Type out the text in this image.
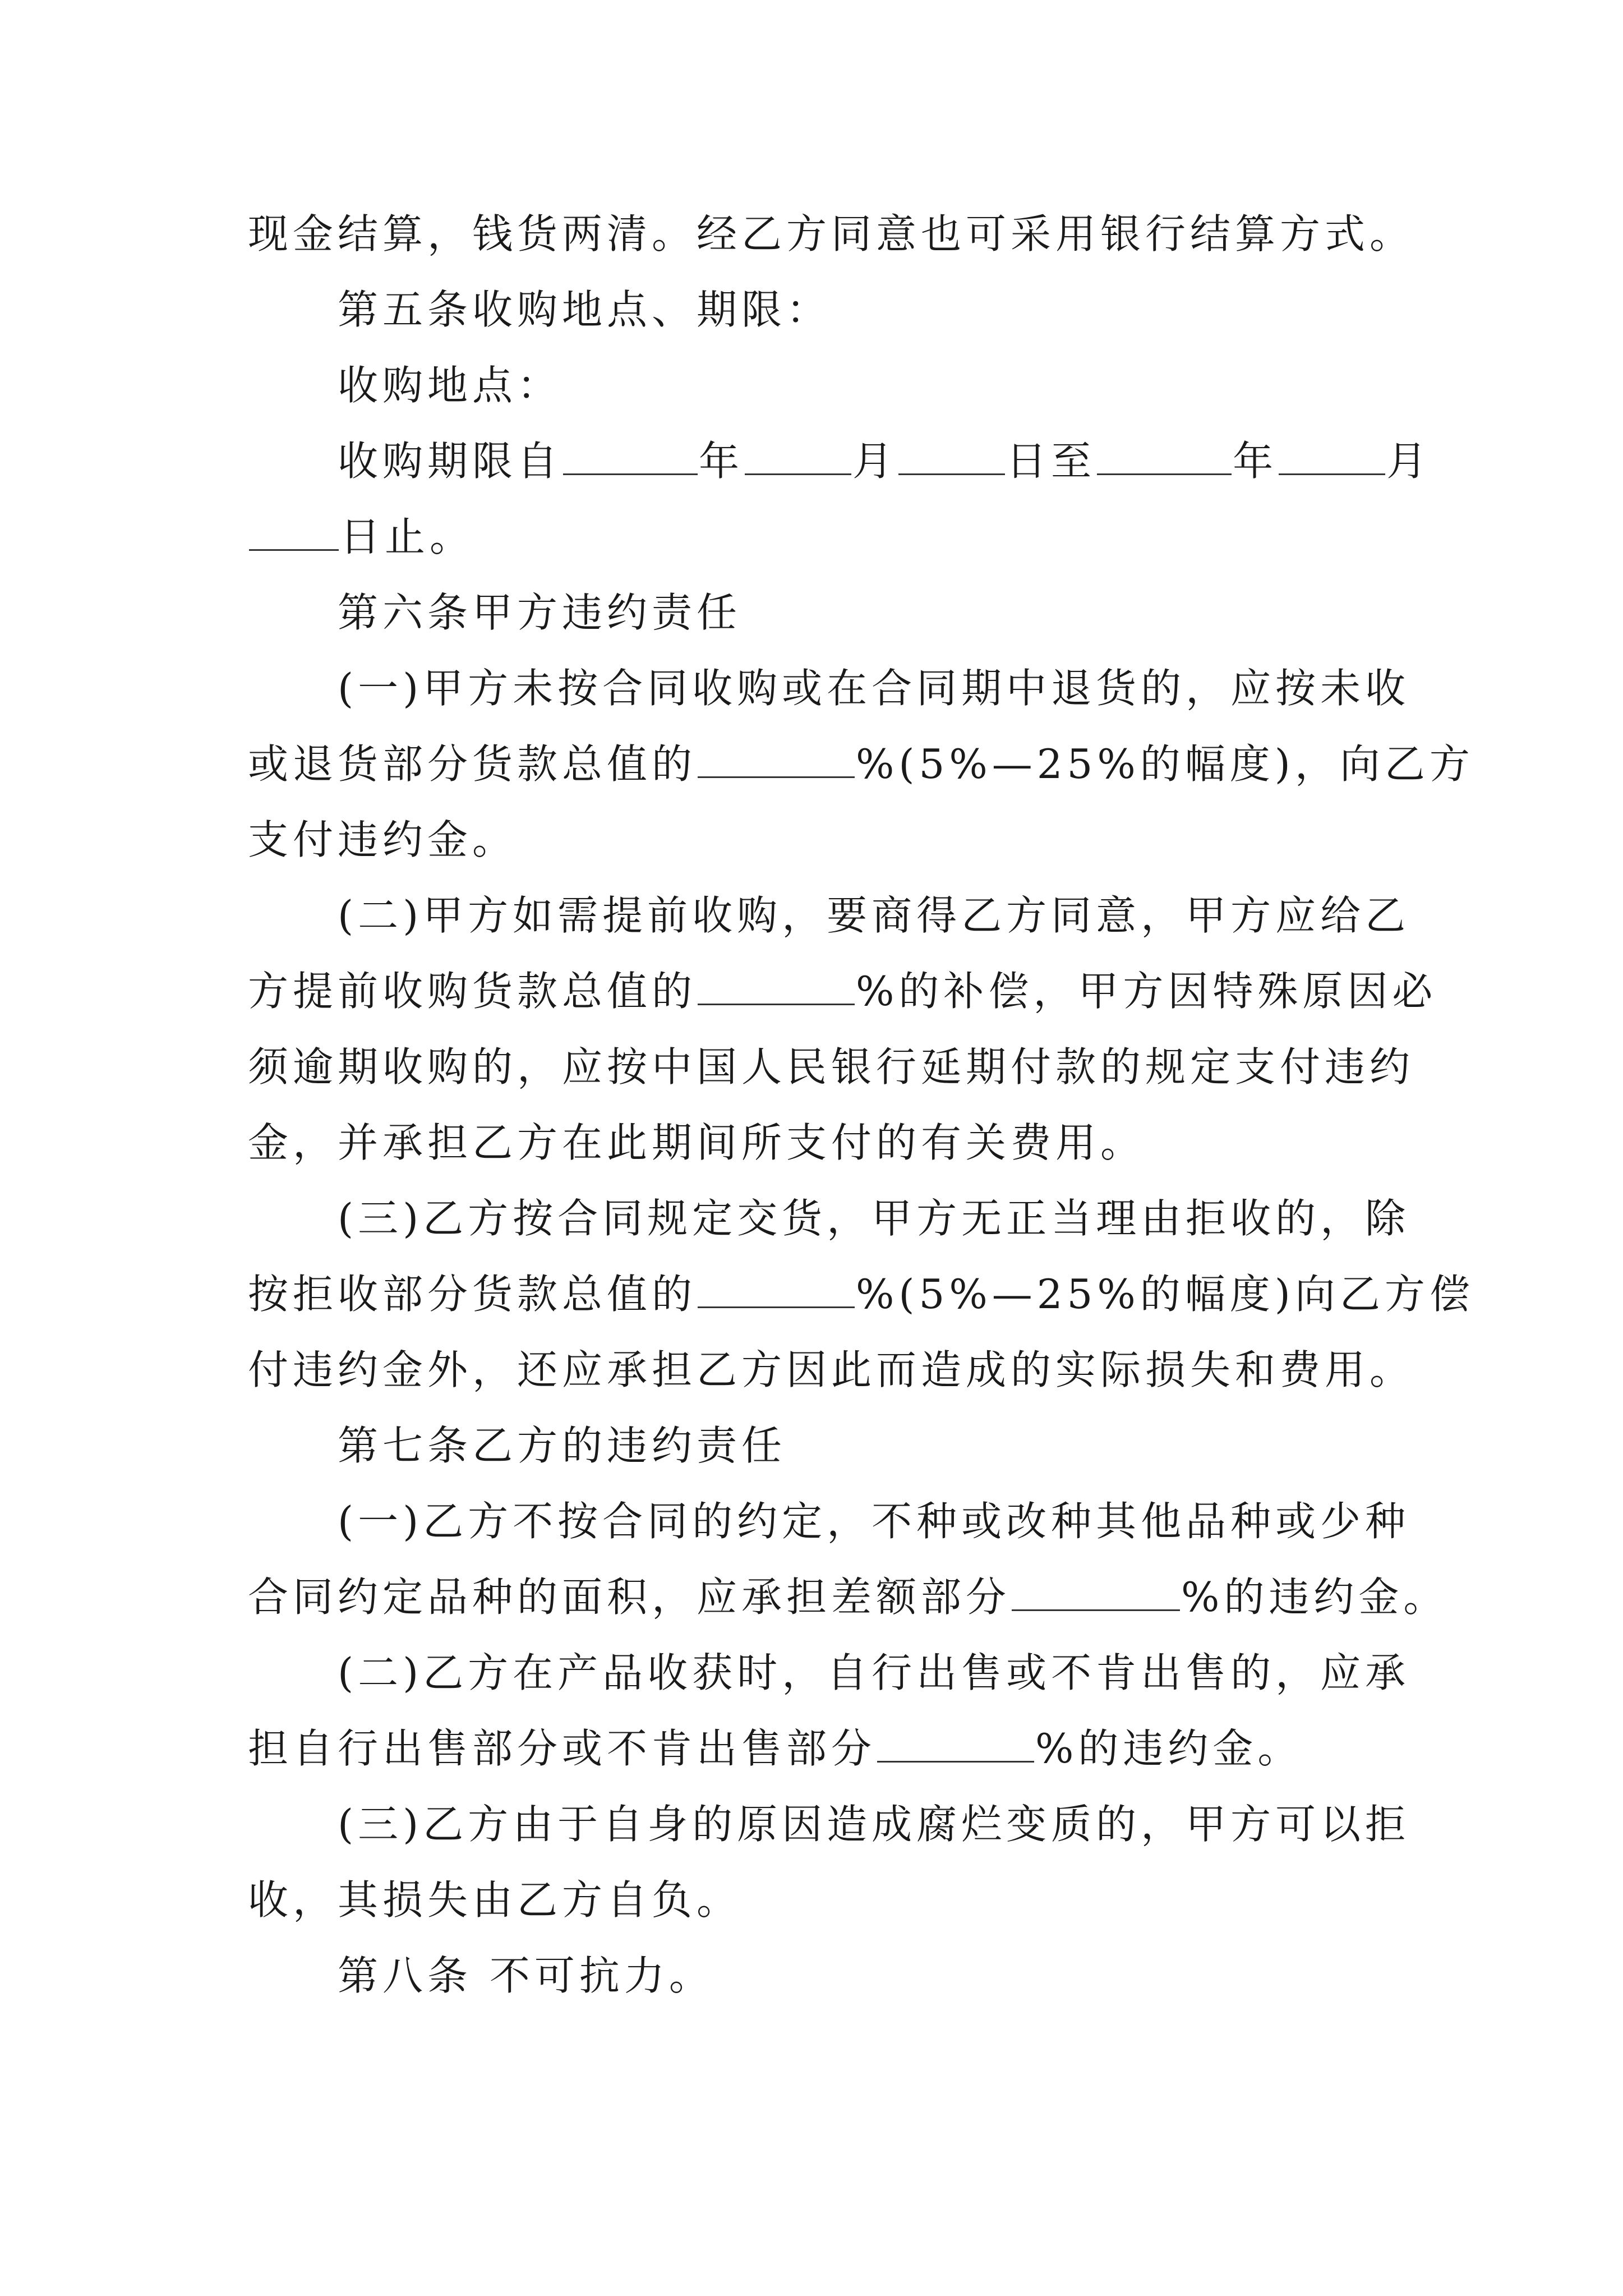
现金结算，钱货两清。经乙方同意也可采用银行结算方式。
第五条收购地点、期限：
收购地点：
收购期限自	年	月	日至	年	月
日止。
第六条甲方违约责任
(一)甲方未按合同收购或在合同期中退货的，应按未收
或退货部分货款总值的	%(5%—25%的幅度)，向乙方
支付违约金。
(二)甲方如需提前收购，要商得乙方同意，甲方应给乙
方提前收购货款总值的	%的补偿，甲方因特殊原因必
须逾期收购的，应按中国人民银行延期付款的规定支付违约
金，并承担乙方在此期间所支付的有关费用。
(三)乙方按合同规定交货，甲方无正当理由拒收的，除
按拒收部分货款总值的	%(5%—25%的幅度)向乙方偿
付违约金外，还应承担乙方因此而造成的实际损失和费用。
第七条乙方的违约责任
(一)乙方不按合同的约定，不种或改种其他品种或少种
合同约定品种的面积，应承担差额部分	%的违约金。
(二)乙方在产品收获时，自行出售或不肯出售的，应承
担自行出售部分或不肯出售部分	%的违约金。
(三)乙方由于自身的原因造成腐烂变质的，甲方可以拒
收，其损失由乙方自负。
第八条 不可抗力。
